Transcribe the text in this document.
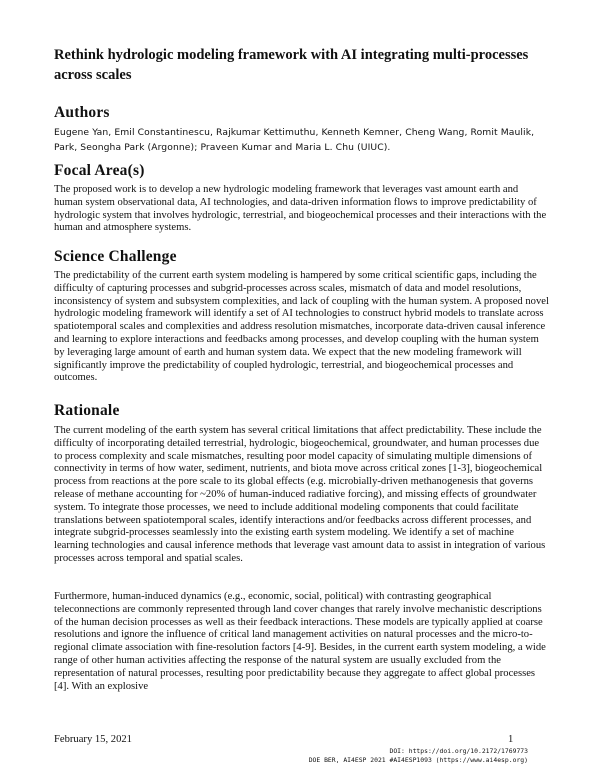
Rethink hydrologic modeling framework with AI integrating multi-processes across scales
Authors

Eugene Yan, Emil Constantinescu, Rajkumar Kettimuthu, Kenneth Kemner, Cheng Wang, Romit Maulik, Park, Seongha Park (Argonne); Praveen Kumar and Maria L. Chu (UIUC).

Focal Area(s)

The proposed work is to develop a new hydrologic modeling framework that leverages vast amount earth and human system observational data, AI technologies, and data-driven information flows to improve predictability of hydrologic system that involves hydrologic, terrestrial, and biogeochemical processes and their interactions with the human and atmosphere systems.

Science Challenge

The predictability of the current earth system modeling is hampered by some critical scientific gaps, including the difficulty of capturing processes and subgrid-processes across scales, mismatch of data and model resolutions, inconsistency of system and subsystem complexities, and lack of coupling with the human system. A proposed novel hydrologic modeling framework will identify a set of AI technologies to construct hybrid models to translate across spatiotemporal scales and complexities and address resolution mismatches, incorporate data-driven causal inference and learning to explore interactions and feedbacks among processes, and develop coupling with the human system by leveraging large amount of earth and human system data. We expect that the new modeling framework will significantly improve the predictability of coupled hydrologic, terrestrial, and biogeochemical processes and outcomes.

Rationale

The current modeling of the earth system has several critical limitations that affect predictability. These include the difficulty of incorporating detailed terrestrial, hydrologic, biogeochemical, groundwater, and human processes due to process complexity and scale mismatches, resulting poor model capacity of simulating multiple dimensions of connectivity in terms of how water, sediment, nutrients, and biota move across critical zones [1-3], biogeochemical process from reactions at the pore scale to its global effects (e.g. microbially-driven methanogenesis that governs release of methane accounting for ~20% of human-induced radiative forcing), and missing effects of groundwater system. To integrate those processes, we need to include additional modeling components that could facilitate translations between spatiotemporal scales, identify interactions and/or feedbacks across different processes, and integrate subgrid-processes seamlessly into the existing earth system modeling. We identify a set of machine learning technologies and causal inference methods that leverage vast amount data to assist in integration of various processes across temporal and spatial scales.

Furthermore, human-induced dynamics (e.g., economic, social, political) with contrasting geographical teleconnections are commonly represented through land cover changes that rarely involve mechanistic descriptions of the human decision processes as well as their feedback interactions. These models are typically applied at coarse resolutions and ignore the influence of critical land management activities on natural processes and the micro-to-regional climate association with fine-resolution factors [4-9]. Besides, in the current earth system modeling, a wide range of other human activities affecting the response of the natural system are usually excluded from the representation of natural processes, resulting poor predictability because they aggregate to affect global processes [4]. With an explosive

February 15, 2021	1
DOI: https://doi.org/10.2172/1769773
DOE BER, AI4ESP 2021 #AI4ESP1093 (https://www.ai4esp.org)
